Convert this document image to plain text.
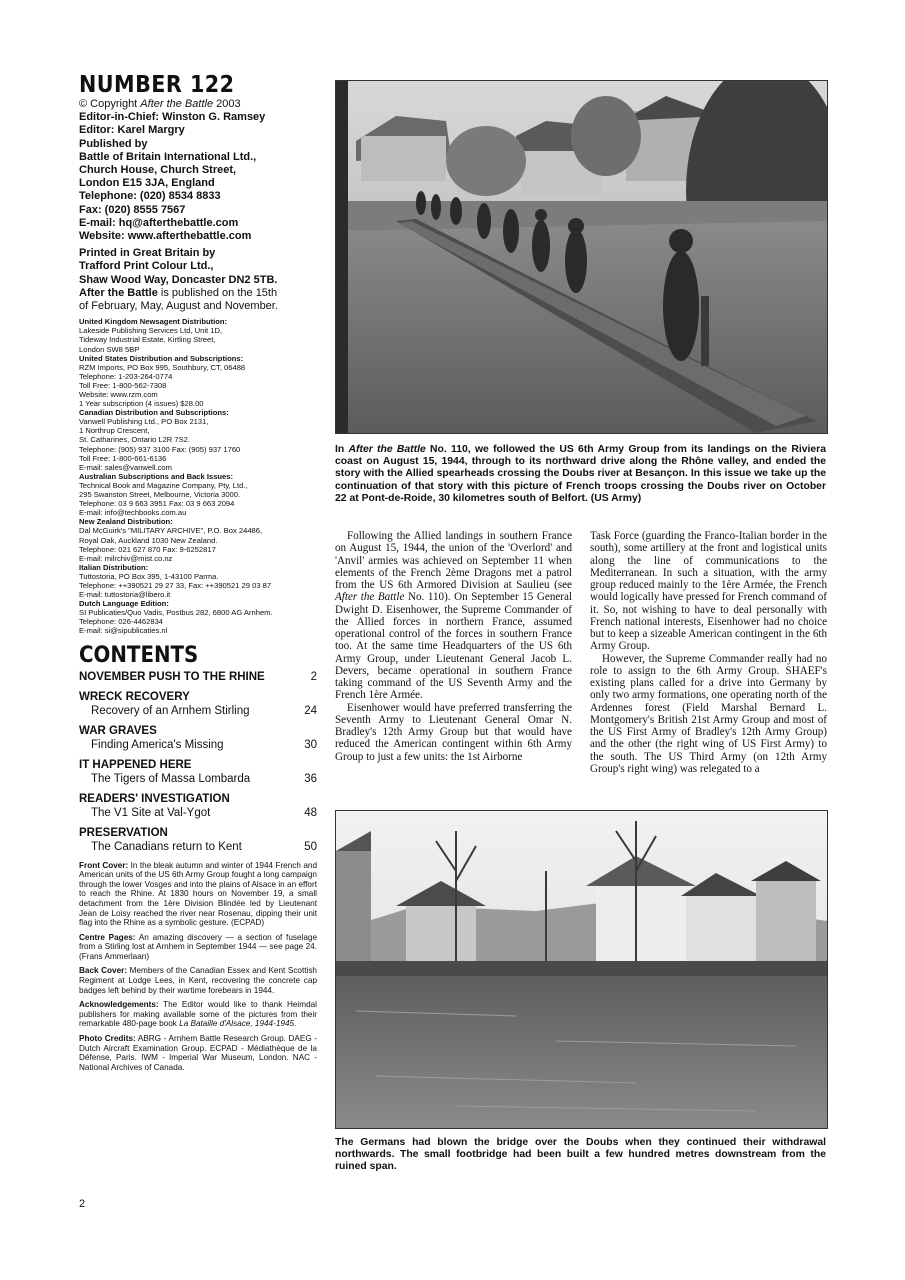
NUMBER 122
© Copyright After the Battle 2003
Editor-in-Chief: Winston G. Ramsey
Editor: Karel Margry
Published by
Battle of Britain International Ltd.,
Church House, Church Street,
London E15 3JA, England
Telephone: (020) 8534 8833
Fax: (020) 8555 7567
E-mail: hq@afterthebattle.com
Website: www.afterthebattle.com
Printed in Great Britain by
Trafford Print Colour Ltd.,
Shaw Wood Way, Doncaster DN2 5TB.
After the Battle is published on the 15th
of February, May, August and November.
United Kingdom Newsagent Distribution:
Lakeside Publishing Services Ltd, Unit 1D,
Tideway Industrial Estate, Kirtling Street,
London SW8 5BP
United States Distribution and Subscriptions:
RZM Imports, PO Box 995, Southbury, CT, 06488
Telephone: 1-203-264-0774
Toll Free: 1-800-562-7308
Website: www.rzm.com
1 Year subscription (4 issues) $28.00
Canadian Distribution and Subscriptions:
Vanwell Publishing Ltd., PO Box 2131,
1 Northrup Crescent,
St. Catharines, Ontario L2R 7S2.
Telephone: (905) 937 3100 Fax: (905) 937 1760
Toll Free: 1-800-661-6136
E-mail: sales@vanwell.com
Australian Subscriptions and Back Issues:
Technical Book and Magazine Company, Pty, Ltd.,
295 Swanston Street, Melbourne, Victoria 3000.
Telephone: 03 9 663 3951 Fax: 03 9 663 2094
E-mail: info@techbooks.com.au
New Zealand Distribution:
Dal McGuirk's "MILITARY ARCHIVE", P.O. Box 24486,
Royal Oak, Auckland 1030 New Zealand.
Telephone: 021 627 870 Fax: 9-6252817
E-mail: milrchiv@mist.co.nz
Italian Distribution:
Tuttostoria, PO Box 395, 1-43100 Parma.
Telephone: ++390521 29 27 33, Fax: ++390521 29 03 87
E-mail: tuttostoria@libero.it
Dutch Language Edition:
SI Publicaties/Quo Vadis, Postbus 282, 6800 AG Arnhem.
Telephone: 026-4462834
E-mail: si@sipublicaties.nl
CONTENTS
NOVEMBER PUSH TO THE RHINE	2
WRECK RECOVERY
Recovery of an Arnhem Stirling	24
WAR GRAVES
Finding America's Missing	30
IT HAPPENED HERE
The Tigers of Massa Lombarda	36
READERS' INVESTIGATION
The V1 Site at Val-Ygot	48
PRESERVATION
The Canadians return to Kent	50
Front Cover: In the bleak autumn and winter of 1944 French and American units of the US 6th Army Group fought a long campaign through the lower Vosges and into the plains of Alsace in an effort to reach the Rhine. At 1830 hours on November 19, a small detachment from the 1ère Division Blindée led by Lieutenant Jean de Loisy reached the river near Rosenau, dipping their unit flag into the Rhine as a symbolic gesture. (ECPAD)
Centre Pages: An amazing discovery — a section of fuselage from a Stirling lost at Arnhem in September 1944 — see page 24. (Frans Ammerlaan)
Back Cover: Members of the Canadian Essex and Kent Scottish Regiment at Lodge Lees, in Kent, recovering the concrete cap badges left behind by their wartime forebears in 1944.
Acknowledgements: The Editor would like to thank Heimdal publishers for making available some of the pictures from their remarkable 480-page book La Bataille d'Alsace, 1944-1945.
Photo Credits: ABRG - Arnhem Battle Research Group. DAEG - Dutch Aircraft Examination Group. ECPAD - Médiathèque de la Défense, Paris. IWM - Imperial War Museum, London. NAC - National Archives of Canada.
In After the Battle No. 110, we followed the US 6th Army Group from its landings on the Riviera coast on August 15, 1944, through to its northward drive along the Rhône valley, and ended the story with the Allied spearheads crossing the Doubs river at Besançon. In this issue we take up the continuation of that story with this picture of French troops crossing the Doubs river on October 22 at Pont-de-Roide, 30 kilometres south of Belfort. (US Army)

Following the Allied landings in southern France on August 15, 1944, the union of the 'Overlord' and 'Anvil' armies was achieved on September 11 when elements of the French 2ème Dragons met a patrol from the US 6th Armored Division at Saulieu (see After the Battle No. 110). On September 15 General Dwight D. Eisenhower, the Supreme Commander of the Allied forces in northern France, assumed operational control of the forces in southern France too. At the same time Headquarters of the US 6th Army Group, under Lieutenant General Jacob L. Devers, became operational in southern France taking command of the US Seventh Army and the French 1ère Armée.

Eisenhower would have preferred transferring the Seventh Army to Lieutenant General Omar N. Bradley's 12th Army Group but that would have reduced the American contingent within 6th Army Group to just a few units: the 1st Airborne

Task Force (guarding the Franco-Italian border in the south), some artillery at the front and logistical units along the line of communications to the Mediterranean. In such a situation, with the army group reduced mainly to the 1ère Armée, the French would logically have pressed for French command of it. So, not wishing to have to deal personally with French national interests, Eisenhower had no choice but to keep a sizeable American contingent in the 6th Army Group.

However, the Supreme Commander really had no role to assign to the 6th Army Group. SHAEF's existing plans called for a drive into Germany by only two army formations, one operating north of the Ardennes forest (Field Marshal Bernard L. Montgomery's British 21st Army Group and most of the US First Army of Bradley's 12th Army Group) and the other (the right wing of US First Army) to the south. The US Third Army (on 12th Army Group's right wing) was relegated to a

The Germans had blown the bridge over the Doubs when they continued their withdrawal northwards. The small footbridge had been built a few hundred metres downstream from the ruined span.
2
